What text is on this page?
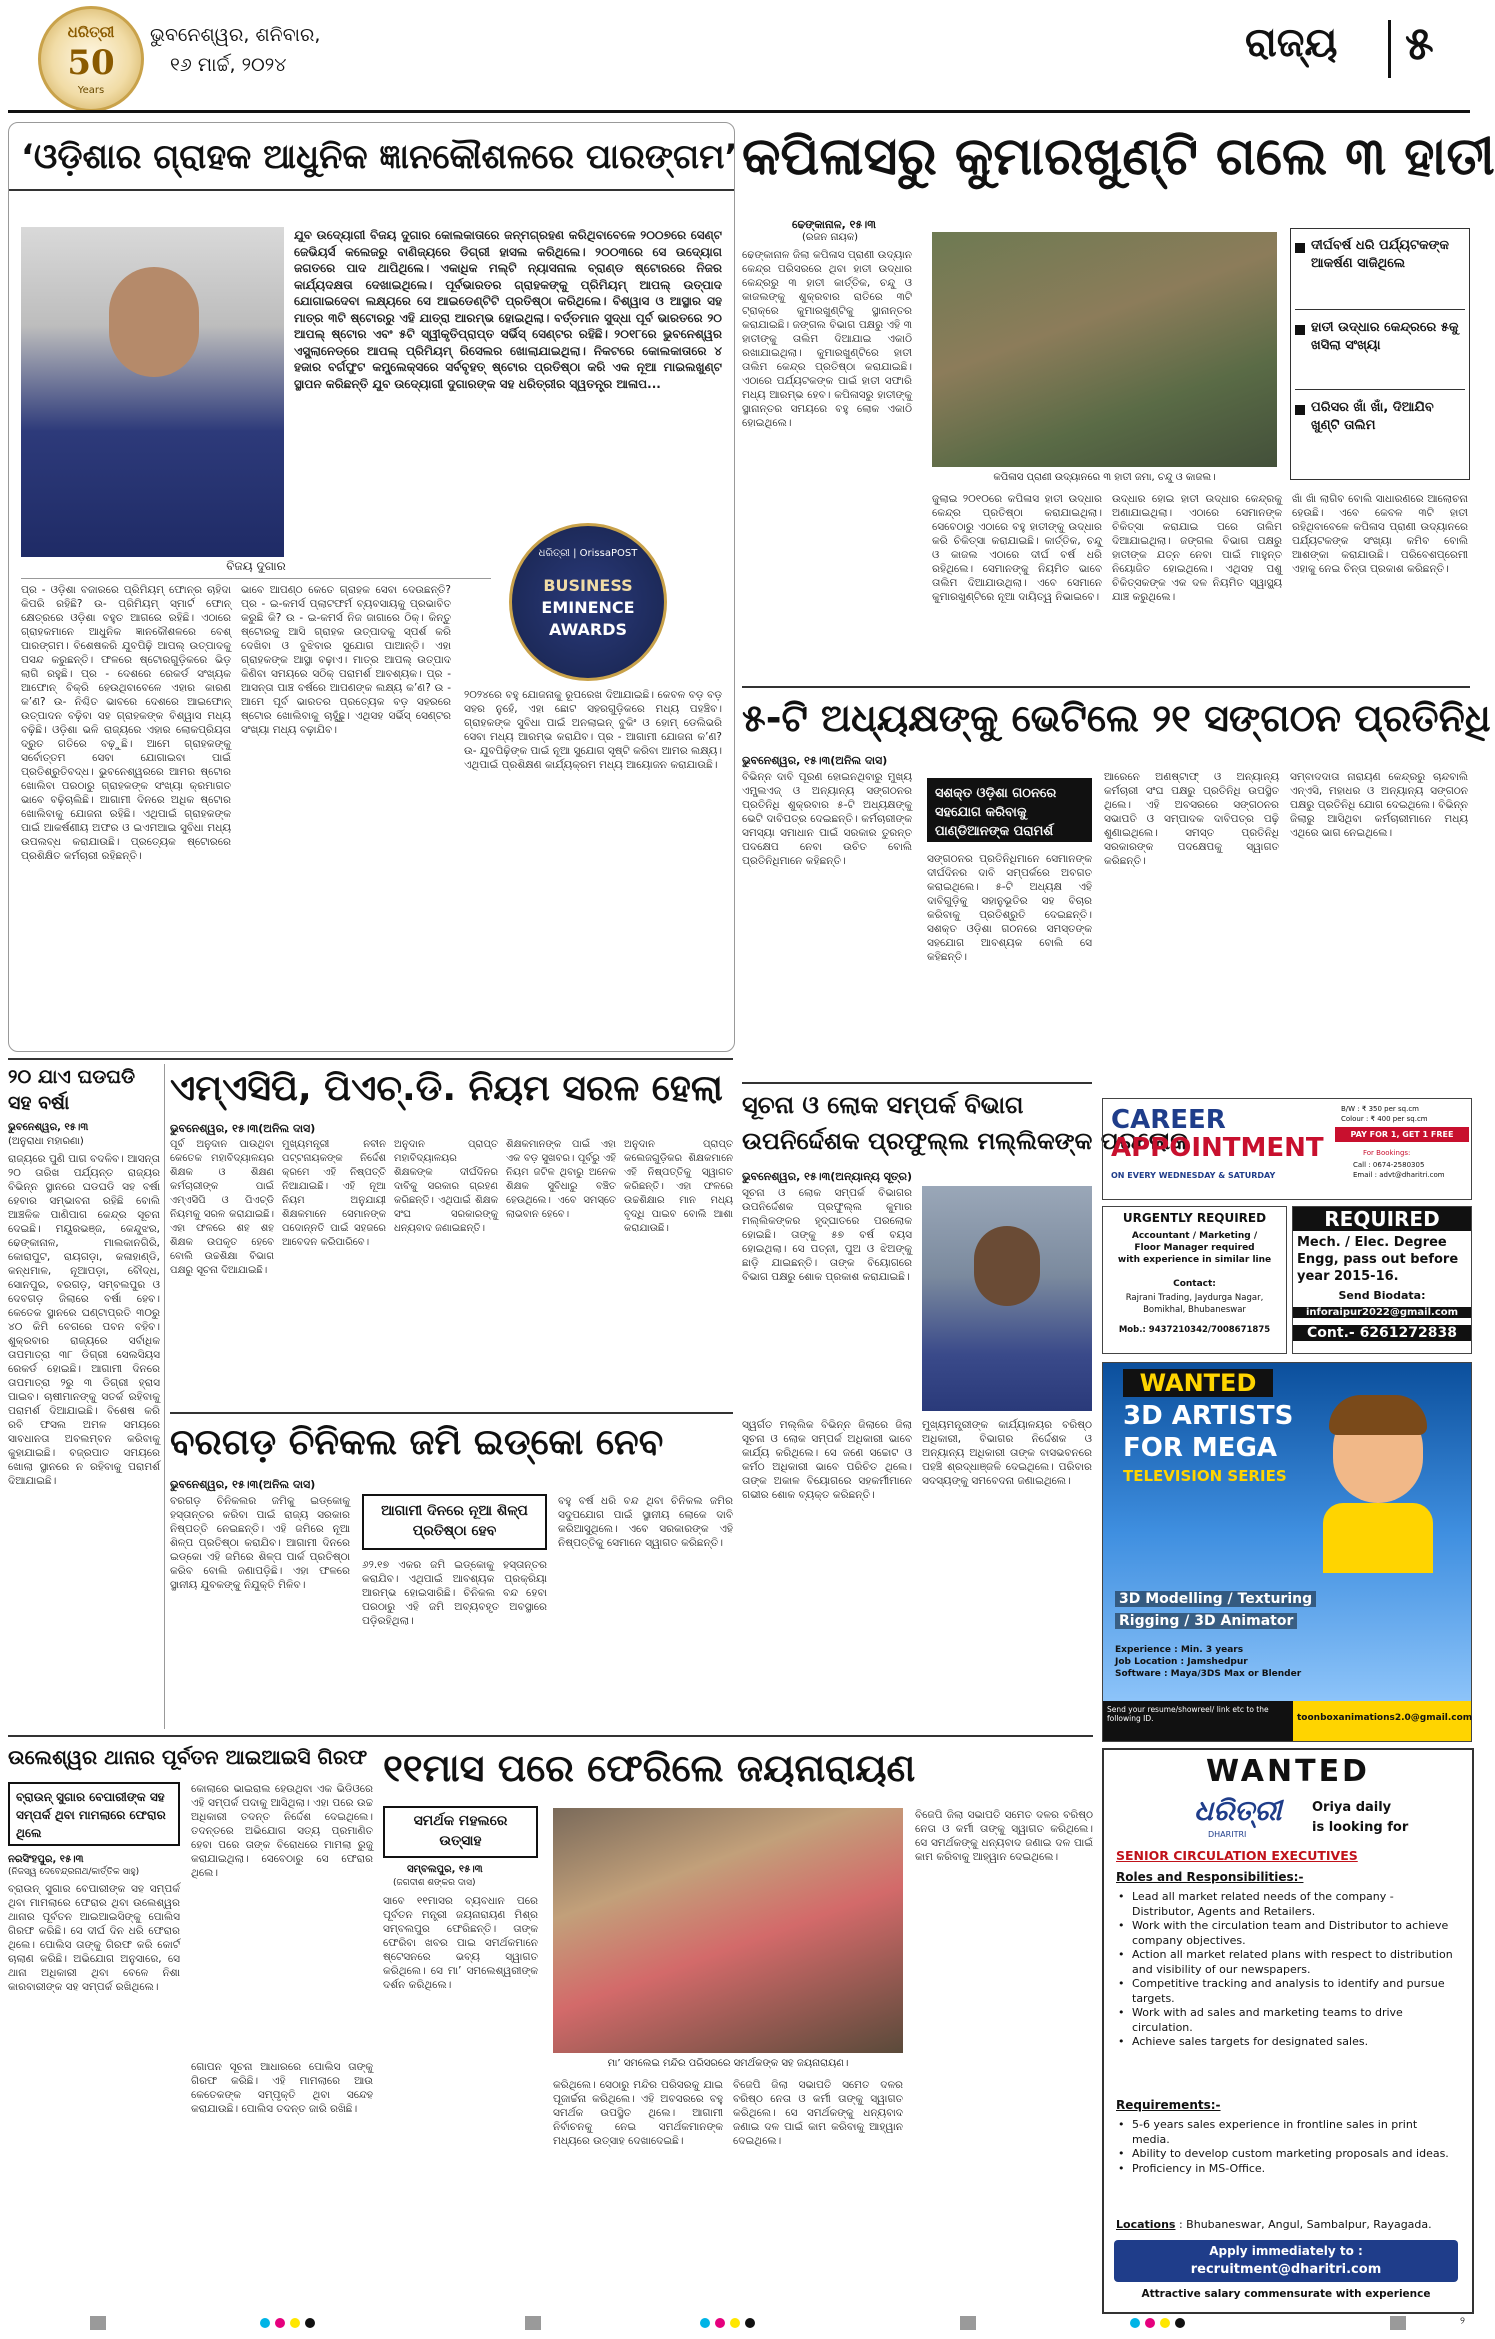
ଧରିତ୍ରୀ
50
Years
ଭୁବନେଶ୍ୱର, ଶନିବାର,
୧୬ ମାର୍ଚ୍ଚ, ୨୦୨୪	ରାଜ୍ୟ ୫
‘ଓଡ଼ିଶାର ଗ୍ରାହକ ଆଧୁନିକ ଜ୍ଞାନକୌଶଳରେ ପାରଙ୍ଗମ’
ଯୁବ ଉଦ୍ୟୋଗୀ ବିଜୟ ଦୁଗାର କୋଲକାତାରେ ଜନ୍ମଗ୍ରହଣ କରିଥିବାବେଳେ ୨୦୦୭ରେ ସେଣ୍ଟ ଜେଭିୟର୍ସ କଲେଜରୁ ବାଣିଜ୍ୟରେ ଡିଗ୍ରୀ ହାସଲ କରିଥିଲେ। ୨୦୦୩ରେ ସେ ଉଦ୍ୟୋଗ ଜଗତରେ ପାଦ ଥାପିଥିଲେ। ଏକାଧିକ ମଲ୍ଟି ନ୍ୟାସନାଲ ବ୍ରାଣ୍ଡ ଷ୍ଟୋରରେ ନିଜର କାର୍ଯ୍ୟଦକ୍ଷତା ଦେଖାଇଥିଲେ। ପୂର୍ବଭାରତର ଗ୍ରାହକଙ୍କୁ ପ୍ରିମିୟମ୍ ଆପଲ୍ ଉତ୍ପାଦ ଯୋଗାଇଦେବା ଲକ୍ଷ୍ୟରେ ସେ ଆଇଡେଣ୍ଟିଟି ପ୍ରତିଷ୍ଠା କରିଥିଲେ। ବିଶ୍ୱାସ ଓ ଆସ୍ଥାର ସହ ମାତ୍ର ୩ଟି ଷ୍ଟୋରରୁ ଏହି ଯାତ୍ରା ଆରମ୍ଭ ହୋଇଥିଲା। ବର୍ତ୍ତମାନ ସୁଦ୍ଧା ପୂର୍ବ ଭାରତରେ ୨୦ ଆପଲ୍ ଷ୍ଟୋର ଏବଂ ୫ଟି ସ୍ୱୀକୃତିପ୍ରାପ୍ତ ସର୍ଭିସ୍ ସେଣ୍ଟର ରହିଛି। ୨୦୧୮ରେ ଭୁବନେଶ୍ୱର ଏସ୍ପ୍ଲାନେଡ୍‌ରେ ଆପଲ୍ ପ୍ରିମିୟମ୍ ରିସେଲର ଖୋଲାଯାଇଥିଲା। ନିକଟରେ କୋଲକାତାରେ ୪ ହଜାର ବର୍ଗଫୁଟ କମ୍ପ୍ଲେକ୍ସରେ ସର୍ବବୃହତ୍ ଷ୍ଟୋର ପ୍ରତିଷ୍ଠା କରି ଏକ ନୂଆ ମାଇଲଖୁଣ୍ଟ ସ୍ଥାପନ କରିଛନ୍ତି ଯୁବ ଉଦ୍ୟୋଗୀ ଦୁଗାରଙ୍କ ସହ ଧରିତ୍ରୀର ସ୍ୱତନ୍ତ୍ର ଆଳାପ...
ବିଜୟ ଦୁଗାର
ଧରିତ୍ରୀ | OrissaPOST
BUSINESS
EMINENCE
AWARDS
ପ୍ର - ଓଡ଼ିଶା ବଜାରରେ ପ୍ରିମିୟମ୍ ଫୋନ୍‌ର ଚାହିଦା କିପରି ରହିଛି? ଉ- ପ୍ରିମିୟମ୍ ସ୍ମାର୍ଟ ଫୋନ୍ କ୍ଷେତ୍ରରେ ଓଡ଼ିଶା ବହୁତ ଆଗରେ ରହିଛି। ଏଠାରେ ଗ୍ରାହକମାନେ ଆଧୁନିକ ଜ୍ଞାନକୌଶଳରେ ବେଶ୍ ପାରଙ୍ଗମ। ବିଶେଷକରି ଯୁବପିଢ଼ି ଆପଲ୍ ଉତ୍ପାଦକୁ ପସନ୍ଦ କରୁଛନ୍ତି। ଫଳରେ ଷ୍ଟୋରଗୁଡ଼ିକରେ ଭିଡ଼ ଲାଗି ରହୁଛି। ପ୍ର - ଦେଶରେ ରେକର୍ଡ ସଂଖ୍ୟକ ଆଫୋନ୍ ବିକ୍ରି ହେଉଥିବାବେଳେ ଏହାର କାରଣ କ’ଣ? ଉ- ନିଶ୍ଚିତ ଭାବରେ ଦେଶରେ ଆଇଫୋନ୍ ଉତ୍ପାଦନ ବଢ଼ିବା ସହ ଗ୍ରାହକଙ୍କ ବିଶ୍ୱାସ ମଧ୍ୟ ବଢ଼ିଛି। ଓଡ଼ିଶା ଭଳି ରାଜ୍ୟରେ ଏହାର ଲୋକପ୍ରିୟତା ଦ୍ରୁତ ଗତିରେ ବଢ଼ୁଛି। ଆମେ ଗ୍ରାହକଙ୍କୁ ସର୍ବୋତ୍ତମ ସେବା ଯୋଗାଇବା ପାଇଁ ପ୍ରତିଶ୍ରୁତିବଦ୍ଧ। ଭୁବନେଶ୍ୱରରେ ଆମର ଷ୍ଟୋର ଖୋଲିବା ପରଠାରୁ ଗ୍ରାହକଙ୍କ ସଂଖ୍ୟା କ୍ରମାଗତ ଭାବେ ବଢ଼ିଚାଲିଛି। ଆଗାମୀ ଦିନରେ ଅଧିକ ଷ୍ଟୋର ଖୋଲିବାକୁ ଯୋଜନା ରହିଛି। ଏଥିପାଇଁ ଗ୍ରାହକଙ୍କ ପାଇଁ ଆକର୍ଷଣୀୟ ଅଫର ଓ ଇଏମଆଇ ସୁବିଧା ମଧ୍ୟ ଉପଲବ୍ଧ କରାଯାଉଛି। ପ୍ରତ୍ୟେକ ଷ୍ଟୋରରେ ପ୍ରଶିକ୍ଷିତ କର୍ମଚାରୀ ରହିଛନ୍ତି।
ଭାବେ ଆପଣ୍ଠ କେତେ ଗ୍ରାହକ ସେବା ଦେଉଛନ୍ତି? ପ୍ର - ଇ-କମର୍ସ ପ୍ଲାଟଫର୍ମ ବ୍ୟବସାୟକୁ ପ୍ରଭାବିତ କରୁଛି କି? ଉ - ଇ-କମର୍ସ ନିଜ ଜାଗାରେ ଠିକ୍। କିନ୍ତୁ ଷ୍ଟୋରକୁ ଆସି ଗ୍ରାହକ ଉତ୍ପାଦକୁ ସ୍ପର୍ଶ କରି ଦେଖିବା ଓ ବୁଝିବାର ସୁଯୋଗ ପାଆନ୍ତି। ଏହା ଗ୍ରାହକଙ୍କ ଆସ୍ଥା ବଢ଼ାଏ। ମାତ୍ର ଆପଲ୍ ଉତ୍ପାଦ କିଣିବା ସମୟରେ ସଠିକ୍ ପରାମର୍ଶ ଆବଶ୍ୟକ। ପ୍ର - ଆସନ୍ତା ପାଞ୍ଚ ବର୍ଷରେ ଆପଣଙ୍କ ଲକ୍ଷ୍ୟ କ’ଣ? ଉ - ଆମେ ପୂର୍ବ ଭାରତର ପ୍ରତ୍ୟେକ ବଡ଼ ସହରରେ ଷ୍ଟୋର ଖୋଲିବାକୁ ଚାହୁଁଛୁ। ଏଥିସହ ସର୍ଭିସ୍ ସେଣ୍ଟର ସଂଖ୍ୟା ମଧ୍ୟ ବଢ଼ାଯିବ।
୨୦୨୪ରେ ବହୁ ଯୋଜନାକୁ ରୂପରେଖ ଦିଆଯାଇଛି। କେବଳ ବଡ଼ ବଡ଼ ସହର ନୁହେଁ, ଏହା ଛୋଟ ସହରଗୁଡ଼ିକରେ ମଧ୍ୟ ପହଞ୍ଚିବ। ଗ୍ରାହକଙ୍କ ସୁବିଧା ପାଇଁ ଅନଲାଇନ୍ ବୁକିଂ ଓ ହୋମ୍ ଡେଲିଭରି ସେବା ମଧ୍ୟ ଆରମ୍ଭ କରାଯିବ। ପ୍ର - ଆଗାମୀ ଯୋଜନା କ’ଣ? ଉ- ଯୁବପିଢ଼ିଙ୍କ ପାଇଁ ନୂଆ ସୁଯୋଗ ସୃଷ୍ଟି କରିବା ଆମର ଲକ୍ଷ୍ୟ। ଏଥିପାଇଁ ପ୍ରଶିକ୍ଷଣ କାର୍ଯ୍ୟକ୍ରମ ମଧ୍ୟ ଆୟୋଜନ କରାଯାଉଛି।
କପିଳାସରୁ କୁମାରଖୁଣ୍ଟି ଗଲେ ୩ ହାତୀ
ଢେଙ୍କାନାଳ, ୧୫।୩
(ରଜନ ନାୟକ)
ଢେଙ୍କାନାଳ ଜିଲା କପିଳାସ ପ୍ରାଣୀ ଉଦ୍ୟାନ କେନ୍ଦ୍ର ପରିସରରେ ଥିବା ହାତୀ ଉଦ୍ଧାର କେନ୍ଦ୍ରରୁ ୩ ହାତୀ କାର୍ତ୍ତିକ, ଚନ୍ଦୁ ଓ କାଜଲଙ୍କୁ ଶୁକ୍ରବାର ରାତିରେ ୩ଟି ଟ୍ରାକ୍‌ରେ କୁମାରଖୁଣ୍ଟିକୁ ସ୍ଥାନାନ୍ତର କରାଯାଇଛି। ଜଙ୍ଗଲ ବିଭାଗ ପକ୍ଷରୁ ଏହି ୩ ହାତୀଙ୍କୁ ତାଲିମ ଦିଆଯାଇ ଏକାଠି ରଖାଯାଇଥିଲା। କୁମାରଖୁଣ୍ଟିରେ ହାତୀ ତାଲିମ କେନ୍ଦ୍ର ପ୍ରତିଷ୍ଠା କରାଯାଇଛି। ଏଠାରେ ପର୍ଯ୍ୟଟକଙ୍କ ପାଇଁ ହାତୀ ସଫାରି ମଧ୍ୟ ଆରମ୍ଭ ହେବ। କପିଳାସରୁ ହାତୀଙ୍କୁ ସ୍ଥାନାନ୍ତର ସମୟରେ ବହୁ ଲୋକ ଏକାଠି ହୋଇଥିଲେ।
କପିଳାସ ପ୍ରାଣୀ ଉଦ୍ୟାନରେ ୩ ହାତୀ ଜମା, ଚନ୍ଦୁ ଓ କାଜଲ।
ଦୀର୍ଘବର୍ଷ ଧରି ପର୍ଯ୍ୟଟକଙ୍କ ଆକର୍ଷଣ ସାଜିଥିଲେ
ହାତୀ ଉଦ୍ଧାର କେନ୍ଦ୍ରରେ ୫କୁ ଖସିଲା ସଂଖ୍ୟା
ପରିସର ଖାଁ ଖାଁ, ଦିଆଯିବ ଖୁଣ୍ଟି ତାଲିମ
ଜୁଲାଇ ୨୦୧୦ରେ କପିଳାସ ହାତୀ ଉଦ୍ଧାର କେନ୍ଦ୍ର ପ୍ରତିଷ୍ଠା କରାଯାଇଥିଲା। ସେବେଠାରୁ ଏଠାରେ ବହୁ ହାତୀଙ୍କୁ ଉଦ୍ଧାର କରି ଚିକିତ୍ସା କରାଯାଇଛି। କାର୍ତ୍ତିକ, ଚନ୍ଦୁ ଓ କାଜଲ ଏଠାରେ ଦୀର୍ଘ ବର୍ଷ ଧରି ରହିଥିଲେ। ସେମାନଙ୍କୁ ନିୟମିତ ଭାବେ ତାଲିମ ଦିଆଯାଉଥିଲା। ଏବେ ସେମାନେ କୁମାରଖୁଣ୍ଟିରେ ନୂଆ ଦାୟିତ୍ୱ ନିଭାଇବେ।
ଉଦ୍ଧାର ହୋଇ ହାତୀ ଉଦ୍ଧାର କେନ୍ଦ୍ରକୁ ଅଣାଯାଇଥିଲା। ଏଠାରେ ସେମାନଙ୍କ ଚିକିତ୍ସା କରାଯାଇ ପରେ ତାଲିମ ଦିଆଯାଇଥିଲା। ଜଙ୍ଗଲ ବିଭାଗ ପକ୍ଷରୁ ହାତୀଙ୍କ ଯତ୍ନ ନେବା ପାଇଁ ମାହୁନ୍ତ ନିୟୋଜିତ ହୋଇଥିଲେ। ଏଥିସହ ପଶୁ ଚିକିତ୍ସକଙ୍କ ଏକ ଦଳ ନିୟମିତ ସ୍ୱାସ୍ଥ୍ୟ ଯାଞ୍ଚ କରୁଥିଲେ।
ଖାଁ ଖାଁ ଲାଗିବ ବୋଲି ସାଧାରଣରେ ଆଲୋଚନା ହେଉଛି। ଏବେ କେବଳ ୩ଟି ହାତୀ ରହିଥିବାବେଳେ କପିଳାସ ପ୍ରାଣୀ ଉଦ୍ୟାନରେ ପର୍ଯ୍ୟଟକଙ୍କ ସଂଖ୍ୟା କମିବ ବୋଲି ଆଶଙ୍କା କରାଯାଉଛି। ପରିବେଶପ୍ରେମୀ ଏହାକୁ ନେଇ ଚିନ୍ତା ପ୍ରକାଶ କରିଛନ୍ତି।
୫-ଟି ଅଧ୍ୟକ୍ଷଙ୍କୁ ଭେଟିଲେ ୨୧ ସଙ୍ଗଠନ ପ୍ରତିନିଧି
ଭୁବନେଶ୍ୱର, ୧୫।୩(ଅନିଲ ଦାସ)
ବିଭିନ୍ନ ଦାବି ପୂରଣ ହୋଇନଥିବାରୁ ମୁଖ୍ୟ ଏମ୍ପ୍ଲଏଜ୍ ଓ ଅନ୍ୟାନ୍ୟ ସଙ୍ଗଠନର ପ୍ରତିନିଧି ଶୁକ୍ରବାର ୫-ଟି ଅଧ୍ୟକ୍ଷଙ୍କୁ ଭେଟି ଦାବିପତ୍ର ଦେଇଛନ୍ତି। କର୍ମଚାରୀଙ୍କ ସମସ୍ୟା ସମାଧାନ ପାଇଁ ସରକାର ତୁରନ୍ତ ପଦକ୍ଷେପ ନେବା ଉଚିତ ବୋଲି ପ୍ରତିନିଧିମାନେ କହିଛନ୍ତି।
ସଶକ୍ତ ଓଡ଼ିଶା ଗଠନରେ ସହଯୋଗ କରିବାକୁ ପାଣ୍ଡିଆନଙ୍କ ପରାମର୍ଶ
ସଙ୍ଗଠନର ପ୍ରତିନିଧିମାନେ ସେମାନଙ୍କ ଦୀର୍ଘଦିନର ଦାବି ସମ୍ପର୍କରେ ଅବଗତ କରାଇଥିଲେ। ୫-ଟି ଅଧ୍ୟକ୍ଷ ଏହି ଦାବିଗୁଡ଼ିକୁ ସହାନୁଭୂତିର ସହ ବିଚାର କରିବାକୁ ପ୍ରତିଶ୍ରୁତି ଦେଇଛନ୍ତି। ସଶକ୍ତ ଓଡ଼ିଶା ଗଠନରେ ସମସ୍ତଙ୍କ ସହଯୋଗ ଆବଶ୍ୟକ ବୋଲି ସେ କହିଛନ୍ତି।
ଆରେନେ ଅଣଷ୍ଟାଫ୍ ଓ ଅନ୍ୟାନ୍ୟ କର୍ମଚାରୀ ସଂଘ ପକ୍ଷରୁ ପ୍ରତିନିଧି ଉପସ୍ଥିତ ଥିଲେ। ଏହି ଅବସରରେ ସଙ୍ଗଠନର ସଭାପତି ଓ ସମ୍ପାଦକ ଦାବିପତ୍ର ପଢ଼ି ଶୁଣାଇଥିଲେ। ସମସ୍ତ ପ୍ରତିନିଧି ସରକାରଙ୍କ ପଦକ୍ଷେପକୁ ସ୍ୱାଗତ କରିଛନ୍ତି।
ସମ୍ବାଦଦାତା ନାରାୟଣ କେନ୍ଦ୍ରରୁ ଚାନ୍ଦବାଲି ଏନ୍‌ଏସି, ମହାଧର ଓ ଅନ୍ୟାନ୍ୟ ସଙ୍ଗଠନ ପକ୍ଷରୁ ପ୍ରତିନିଧି ଯୋଗ ଦେଇଥିଲେ। ବିଭିନ୍ନ ଜିଲାରୁ ଆସିଥିବା କର୍ମଚାରୀମାନେ ମଧ୍ୟ ଏଥିରେ ଭାଗ ନେଇଥିଲେ।
ଏମ୍‌ଏସିପି, ପିଏଚ୍‌.ଡି. ନିୟମ ସରଳ ହେଲା
ଭୁବନେଶ୍ୱର, ୧୫।୩(ଅନିଲ ଦାସ)
ପୂର୍ବ ଅନୁଦାନ ପାଉଥିବା କେତେକ ମହାବିଦ୍ୟାଳୟର ଶିକ୍ଷକ ଓ ଶିକ୍ଷଣ କର୍ମଚାରୀଙ୍କ ପାଇଁ ଏମ୍‌ଏସିପି ଓ ପିଏଚ୍‌ଡି ନିୟମକୁ ସରଳ କରାଯାଇଛି। ଏହା ଫଳରେ ଶହ ଶହ ଶିକ୍ଷକ ଉପକୃତ ହେବେ ବୋଲି ଉଚ୍ଚଶିକ୍ଷା ବିଭାଗ ପକ୍ଷରୁ ସୂଚନା ଦିଆଯାଇଛି।
ମୁଖ୍ୟମନ୍ତ୍ରୀ ନବୀନ ପଟ୍ଟନାୟକଙ୍କ ନିର୍ଦ୍ଦେଶ କ୍ରମେ ଏହି ନିଷ୍ପତ୍ତି ନିଆଯାଇଛି। ଏହି ନୂଆ ନିୟମ ଅନୁଯାୟୀ ଶିକ୍ଷକମାନେ ସେମାନଙ୍କ ପଦୋନ୍ନତି ପାଇଁ ସହଜରେ ଆବେଦନ କରିପାରିବେ।
ଅନୁଦାନ ପ୍ରାପ୍ତ ମହାବିଦ୍ୟାଳୟର ଶିକ୍ଷକଙ୍କ ଦୀର୍ଘଦିନର ଦାବିକୁ ସରକାର ଗ୍ରହଣ କରିଛନ୍ତି। ଏଥିପାଇଁ ଶିକ୍ଷକ ସଂଘ ସରକାରଙ୍କୁ ଧନ୍ୟବାଦ ଜଣାଇଛନ୍ତି।
ଶିକ୍ଷକମାନଙ୍କ ପାଇଁ ଏହା ଏକ ବଡ଼ ସୁଖବର। ପୂର୍ବରୁ ଏହି ନିୟମ ଜଟିଳ ଥିବାରୁ ଅନେକ ଶିକ୍ଷକ ସୁବିଧାରୁ ବଞ୍ଚିତ ହେଉଥିଲେ। ଏବେ ସମସ୍ତେ ଲାଭବାନ ହେବେ।
ଅନୁଦାନ ପ୍ରାପ୍ତ କଲେଜଗୁଡ଼ିକର ଶିକ୍ଷକମାନେ ଏହି ନିଷ୍ପତ୍ତିକୁ ସ୍ୱାଗତ କରିଛନ୍ତି। ଏହା ଫଳରେ ଉଚ୍ଚଶିକ୍ଷାର ମାନ ମଧ୍ୟ ବୃଦ୍ଧି ପାଇବ ବୋଲି ଆଶା କରାଯାଉଛି।
୨୦ ଯାଏ ଘଡଘଡି ସହ ବର୍ଷା
ଭୁବନେଶ୍ୱର, ୧୫।୩
(ଅନୁରାଧା ମହାରଣା)
ରାଜ୍ୟରେ ପୁଣି ପାଗ ବଦଳିବ। ଆସନ୍ତା ୨୦ ତାରିଖ ପର୍ଯ୍ୟନ୍ତ ରାଜ୍ୟର ବିଭିନ୍ନ ସ୍ଥାନରେ ଘଡଘଡି ସହ ବର୍ଷା ହେବାର ସମ୍ଭାବନା ରହିଛି ବୋଲି ଆଞ୍ଚଳିକ ପାଣିପାଗ କେନ୍ଦ୍ର ସୂଚନା ଦେଇଛି। ମୟୂରଭଞ୍ଜ, କେନ୍ଦୁଝର, ଢେଙ୍କାନାଳ, ମାଲକାନଗିରି, କୋରାପୁଟ, ରାୟଗଡ଼ା, କଳାହାଣ୍ଡି, କନ୍ଧମାଳ, ନୂଆପଡ଼ା, ବୌଦ୍ଧ, ସୋନପୁର, ବରଗଡ଼, ସମ୍ବଲପୁର ଓ ଦେବଗଡ଼ ଜିଲାରେ ବର୍ଷା ହେବ। କେତେକ ସ୍ଥାନରେ ଘଣ୍ଟାପ୍ରତି ୩୦ରୁ ୪୦ କିମି ବେଗରେ ପବନ ବହିବ। ଶୁକ୍ରବାର ରାଜ୍ୟରେ ସର୍ବାଧିକ ତାପମାତ୍ରା ୩୮ ଡିଗ୍ରୀ ସେଲସିୟସ ରେକର୍ଡ ହୋଇଛି। ଆଗାମୀ ଦିନରେ ତାପମାତ୍ରା ୨ରୁ ୩ ଡିଗ୍ରୀ ହ୍ରାସ ପାଇବ। ଚାଷୀମାନଙ୍କୁ ସତର୍କ ରହିବାକୁ ପରାମର୍ଶ ଦିଆଯାଇଛି। ବିଶେଷ କରି ରବି ଫସଲ ଅମଳ ସମୟରେ ସାବଧାନତା ଅବଲମ୍ବନ କରିବାକୁ କୁହାଯାଇଛି। ବଜ୍ରପାତ ସମୟରେ ଖୋଲା ସ୍ଥାନରେ ନ ରହିବାକୁ ପରାମର୍ଶ ଦିଆଯାଇଛି।
ବରଗଡ଼ ଚିନିକଲ ଜମି ଇଡ୍‌କୋ ନେବ
ଭୁବନେଶ୍ୱର, ୧୫।୩(ଅନିଲ ଦାସ)
ବରଗଡ଼ ଚିନିକଲର ଜମିକୁ ଇଡ୍‌କୋକୁ ହସ୍ତାନ୍ତର କରିବା ପାଇଁ ରାଜ୍ୟ ସରକାର ନିଷ୍ପତ୍ତି ନେଇଛନ୍ତି। ଏହି ଜମିରେ ନୂଆ ଶିଳ୍ପ ପ୍ରତିଷ୍ଠା କରାଯିବ। ଆଗାମୀ ଦିନରେ ଇଡ୍‌କୋ ଏହି ଜମିରେ ଶିଳ୍ପ ପାର୍କ ପ୍ରତିଷ୍ଠା କରିବ ବୋଲି ଜଣାପଡ଼ିଛି। ଏହା ଫଳରେ ସ୍ଥାନୀୟ ଯୁବକଙ୍କୁ ନିଯୁକ୍ତି ମିଳିବ।
ଆଗାମୀ ଦିନରେ ନୂଆ ଶିଳ୍ପ ପ୍ରତିଷ୍ଠା ହେବ
୬୨.୧୭ ଏକର ଜମି ଇଡ୍‌କୋକୁ ହସ୍ତାନ୍ତର କରାଯିବ। ଏଥିପାଇଁ ଆବଶ୍ୟକ ପ୍ରକ୍ରିୟା ଆରମ୍ଭ ହୋଇସାରିଛି। ଚିନିକଲ ବନ୍ଦ ହେବା ପରଠାରୁ ଏହି ଜମି ଅବ୍ୟବହୃତ ଅବସ୍ଥାରେ ପଡ଼ିରହିଥିଲା।
ବହୁ ବର୍ଷ ଧରି ବନ୍ଦ ଥିବା ଚିନିକଲ ଜମିର ସଦୁପଯୋଗ ପାଇଁ ସ୍ଥାନୀୟ ଲୋକେ ଦାବି କରିଆସୁଥିଲେ। ଏବେ ସରକାରଙ୍କ ଏହି ନିଷ୍ପତ୍ତିକୁ ସେମାନେ ସ୍ୱାଗତ କରିଛନ୍ତି।
ସୂଚନା ଓ ଲୋକ ସମ୍ପର୍କ ବିଭାଗ
ଉପନିର୍ଦ୍ଦେଶକ ପ୍ରଫୁଲ୍ଲ ମଲ୍ଲିକଙ୍କ ପରଲୋକ
ଭୁବନେଶ୍ୱର, ୧୫।୩(ଅନ୍ୟାନ୍ୟ ସୂତ୍ର)
ସୂଚନା ଓ ଲୋକ ସମ୍ପର୍କ ବିଭାଗର ଉପନିର୍ଦ୍ଦେଶକ ପ୍ରଫୁଲ୍ଲ କୁମାର ମଲ୍ଲିକଙ୍କର ହୃଦ୍‌ଘାତରେ ପରଲୋକ ହୋଇଛି। ତାଙ୍କୁ ୫୭ ବର୍ଷ ବୟସ ହୋଇଥିଲା। ସେ ପତ୍ନୀ, ପୁଅ ଓ ଝିଅଙ୍କୁ ଛାଡ଼ି ଯାଇଛନ୍ତି। ତାଙ୍କ ବିୟୋଗରେ ବିଭାଗ ପକ୍ଷରୁ ଶୋକ ପ୍ରକାଶ କରାଯାଇଛି।
ସ୍ୱର୍ଗତ ମଲ୍ଲିକ ବିଭିନ୍ନ ଜିଲାରେ ଜିଲା ସୂଚନା ଓ ଲୋକ ସମ୍ପର୍କ ଅଧିକାରୀ ଭାବେ କାର୍ଯ୍ୟ କରିଥିଲେ। ସେ ଜଣେ ସଚ୍ଚୋଟ ଓ କର୍ମଠ ଅଧିକାରୀ ଭାବେ ପରିଚିତ ଥିଲେ। ତାଙ୍କ ଅକାଳ ବିୟୋଗରେ ସହକର୍ମୀମାନେ ଗଭୀର ଶୋକ ବ୍ୟକ୍ତ କରିଛନ୍ତି।
ମୁଖ୍ୟମନ୍ତ୍ରୀଙ୍କ କାର୍ଯ୍ୟାଳୟର ବରିଷ୍ଠ ଅଧିକାରୀ, ବିଭାଗର ନିର୍ଦ୍ଦେଶକ ଓ ଅନ୍ୟାନ୍ୟ ଅଧିକାରୀ ତାଙ୍କ ବାସଭବନରେ ପହଞ୍ଚି ଶ୍ରଦ୍ଧାଞ୍ଜଳି ଦେଇଥିଲେ। ପରିବାର ସଦସ୍ୟଙ୍କୁ ସମବେଦନା ଜଣାଇଥିଲେ।
CAREER
APPOINTMENT
ON EVERY WEDNESDAY & SATURDAY
B/W : ₹ 350 per sq.cm
Colour : ₹ 400 per sq.cm
PAY FOR 1, GET 1 FREE
For Bookings:
Call : 0674-2580305
Email : advt@dharitri.com
URGENTLY REQUIRED
Accountant / Marketing /
Floor Manager required
with experience in similar line
Contact:
Rajrani Trading, Jaydurga Nagar,
Bomikhal, Bhubaneswar
Mob.: 9437210342/7008671875
REQUIRED
Mech. / Elec. Degree
Engg, pass out before
year 2015-16.
Send Biodata:
inforaipur2022@gmail.com
Cont.- 6261272838
WANTED
3D ARTISTS
FOR MEGA
TELEVISION SERIES
3D Modelling / Texturing
Rigging / 3D Animator
Experience : Min. 3 years
Job Location : Jamshedpur
Software : Maya/3DS Max or Blender
Send your resume/showreel/ link etc to the following ID.	toonboxanimations2.0@gmail.com
ଉଲେଶ୍ୱର ଥାନାର ପୂର୍ବତନ ଆଇଆଇସି ଗିରଫ
ବ୍ରାଉନ୍ ସୁଗାର ବେପାରୀଙ୍କ ସହ ସମ୍ପର୍କ ଥିବା ମାମଲାରେ ଫେରାର ଥିଲେ
ନରସିଂହପୁର, ୧୫।୩
(ନିଜସ୍ୱ ଦେବେନ୍ଦ୍ରନାଥ/କାର୍ତ୍ତିକ ସାହୁ)
ବ୍ରାଉନ୍ ସୁଗାର ବେପାରୀଙ୍କ ସହ ସମ୍ପର୍କ ଥିବା ମାମଲାରେ ଫେରାର ଥିବା ଉଲେଶ୍ୱର ଥାନାର ପୂର୍ବତନ ଆଇଆଇସିଙ୍କୁ ପୋଲିସ ଗିରଫ କରିଛି। ସେ ଦୀର୍ଘ ଦିନ ଧରି ଫେରାର ଥିଲେ। ପୋଲିସ ତାଙ୍କୁ ଗିରଫ କରି କୋର୍ଟ ଚାଲାଣ କରିଛି। ଅଭିଯୋଗ ଅନୁସାରେ, ସେ ଥାନା ଅଧିକାରୀ ଥିବା ବେଳେ ନିଶା କାରବାରୀଙ୍କ ସହ ସମ୍ପର୍କ ରଖିଥିଲେ।
କୋଲାରେ ଭାଇରାଲ ହେଉଥିବା ଏକ ଭିଡିଓରେ ଏହି ସମ୍ପର୍କ ପଦାକୁ ଆସିଥିଲା। ଏହା ପରେ ଉଚ୍ଚ ଅଧିକାରୀ ତଦନ୍ତ ନିର୍ଦ୍ଦେଶ ଦେଇଥିଲେ। ତଦନ୍ତରେ ଅଭିଯୋଗ ସତ୍ୟ ପ୍ରମାଣିତ ହେବା ପରେ ତାଙ୍କ ବିରୋଧରେ ମାମଲା ରୁଜୁ କରାଯାଇଥିଲା। ସେବେଠାରୁ ସେ ଫେରାର ଥିଲେ।
ଗୋପନ ସୂଚନା ଆଧାରରେ ପୋଲିସ ତାଙ୍କୁ ଗିରଫ କରିଛି। ଏହି ମାମଲାରେ ଆଉ କେତେକଙ୍କ ସମ୍ପୃକ୍ତି ଥିବା ସନ୍ଦେହ କରାଯାଉଛି। ପୋଲିସ ତଦନ୍ତ ଜାରି ରଖିଛି।
୧୧ମାସ ପରେ ଫେରିଲେ ଜୟନାରାୟଣ
ସମର୍ଥକ ମହଲରେ ଉତ୍ସାହ
ସମ୍ବଲପୁର, ୧୫।୩
(ଜଗଦୀଶ ଶଙ୍କର ଦାସ)
ସାବେ ୧୧ମାସର ବ୍ୟବଧାନ ପରେ ପୂର୍ବତନ ମନ୍ତ୍ରୀ ଜୟନାରାୟଣ ମିଶ୍ର ସମ୍ବଲପୁର ଫେରିଛନ୍ତି। ତାଙ୍କ ଫେରିବା ଖବର ପାଇ ସମର୍ଥକମାନେ ଷ୍ଟେସନରେ ଭବ୍ୟ ସ୍ୱାଗତ କରିଥିଲେ। ସେ ମା’ ସମଲେଶ୍ୱରୀଙ୍କ ଦର୍ଶନ କରିଥିଲେ।
ମା’ ସମଲେଇ ମନ୍ଦିର ପରିସରରେ ସମର୍ଥକଙ୍କ ସହ ଜୟନାରାୟଣ।
କରିଥିଲେ। ସେଠାରୁ ମନ୍ଦିର ପରିସରକୁ ଯାଇ ପୂଜାର୍ଚ୍ଚନା କରିଥିଲେ। ଏହି ଅବସରରେ ବହୁ ସମର୍ଥକ ଉପସ୍ଥିତ ଥିଲେ। ଆଗାମୀ ନିର୍ବାଚନକୁ ନେଇ ସମର୍ଥକମାନଙ୍କ ମଧ୍ୟରେ ଉତ୍ସାହ ଦେଖାଦେଇଛି।
ବିଜେପି ଜିଲା ସଭାପତି ସମେତ ଦଳର ବରିଷ୍ଠ ନେତା ଓ କର୍ମୀ ତାଙ୍କୁ ସ୍ୱାଗତ କରିଥିଲେ। ସେ ସମର୍ଥକଙ୍କୁ ଧନ୍ୟବାଦ ଜଣାଇ ଦଳ ପାଇଁ କାମ କରିବାକୁ ଆହ୍ୱାନ ଦେଇଥିଲେ।
ବିଜେପି ଜିଲା ସଭାପତି ସମେତ ଦଳର ବରିଷ୍ଠ ନେତା ଓ କର୍ମୀ ତାଙ୍କୁ ସ୍ୱାଗତ କରିଥିଲେ। ସେ ସମର୍ଥକଙ୍କୁ ଧନ୍ୟବାଦ ଜଣାଇ ଦଳ ପାଇଁ କାମ କରିବାକୁ ଆହ୍ୱାନ ଦେଇଥିଲେ।
WANTED
ଧରିତ୍ରୀ
DHARITRI
Oriya daily
is looking for
SENIOR CIRCULATION EXECUTIVES
Roles and Responsibilities:-
• Lead all market related needs of the company - Distributor, Agents and Retailers.
• Work with the circulation team and Distributor to achieve company objectives.
• Action all market related plans with respect to distribution and visibility of our newspapers.
• Competitive tracking and analysis to identify and pursue targets.
• Work with ad sales and marketing teams to drive circulation.
• Achieve sales targets for designated sales.
Requirements:-
• 5-6 years sales experience in frontline sales in print media.
• Ability to develop custom marketing proposals and ideas.
• Proficiency in MS-Office.
Locations : Bhubaneswar, Angul, Sambalpur, Rayagada.
Apply immediately to :
recruitment@dharitri.com
Attractive salary commensurate with experience
୨
